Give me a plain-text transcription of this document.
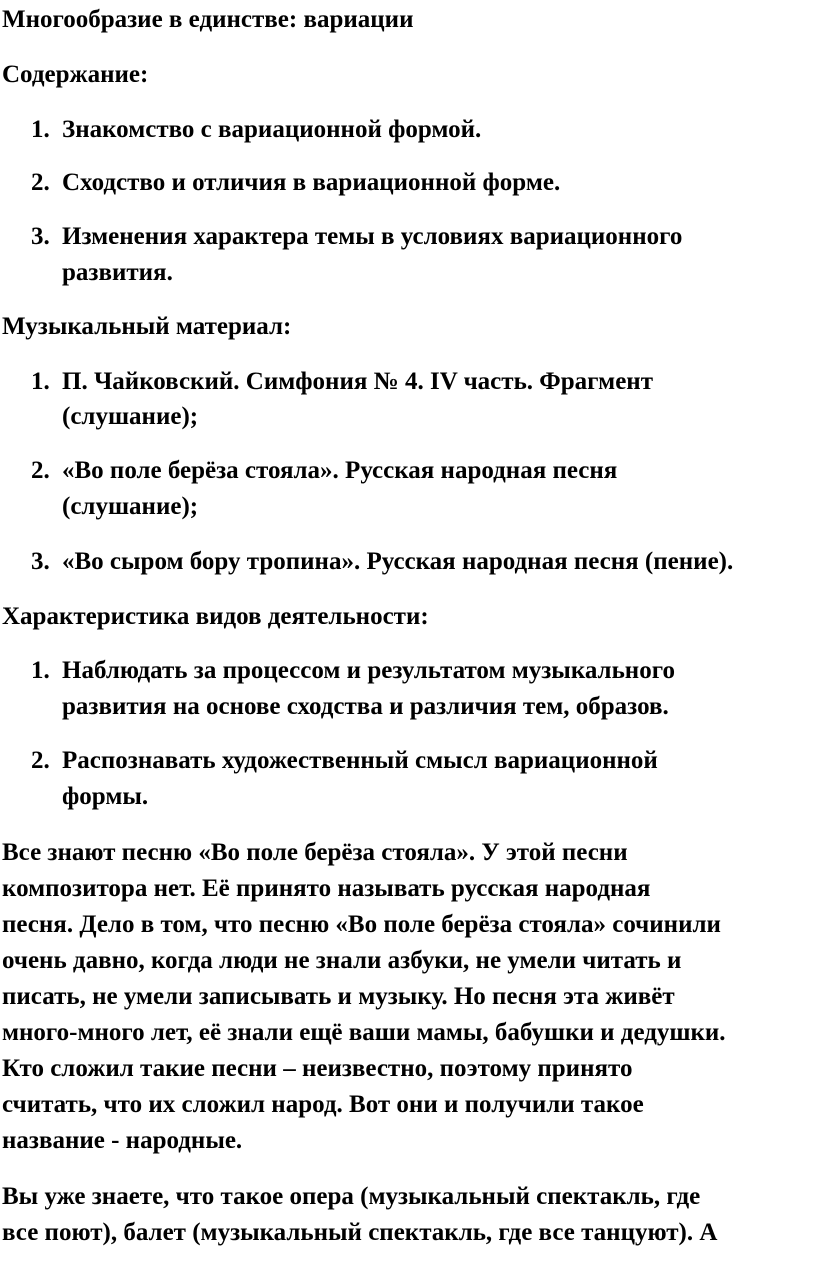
Многообразие в единстве: вариации
Содержание:
1. Знакомство с вариационной формой.
2. Сходство и отличия в вариационной форме.
3. Изменения характера темы в условиях вариационного
развития.
Музыкальный материал:
1. П. Чайковский. Симфония № 4. IV часть. Фрагмент
(слушание);
2. «Во поле берёза стояла». Русская народная песня
(слушание);
3. «Во сыром бору тропина». Русская народная песня (пение).
Характеристика видов деятельности:
1. Наблюдать за процессом и результатом музыкального
развития на основе сходства и различия тем, образов.
2. Распознавать художественный смысл вариационной
формы.
Все знают песню «Во поле берёза стояла». У этой песни
композитора нет. Её принято называть русская народная
песня. Дело в том, что песню «Во поле берёза стояла» сочинили
очень давно, когда люди не знали азбуки, не умели читать и
писать, не умели записывать и музыку. Но песня эта живёт
много-много лет, её знали ещё ваши мамы, бабушки и дедушки.
Кто сложил такие песни – неизвестно, поэтому принято
считать, что их сложил народ. Вот они и получили такое
название - народные.
Вы уже знаете, что такое опера (музыкальный спектакль, где
все поют), балет (музыкальный спектакль, где все танцуют). А
